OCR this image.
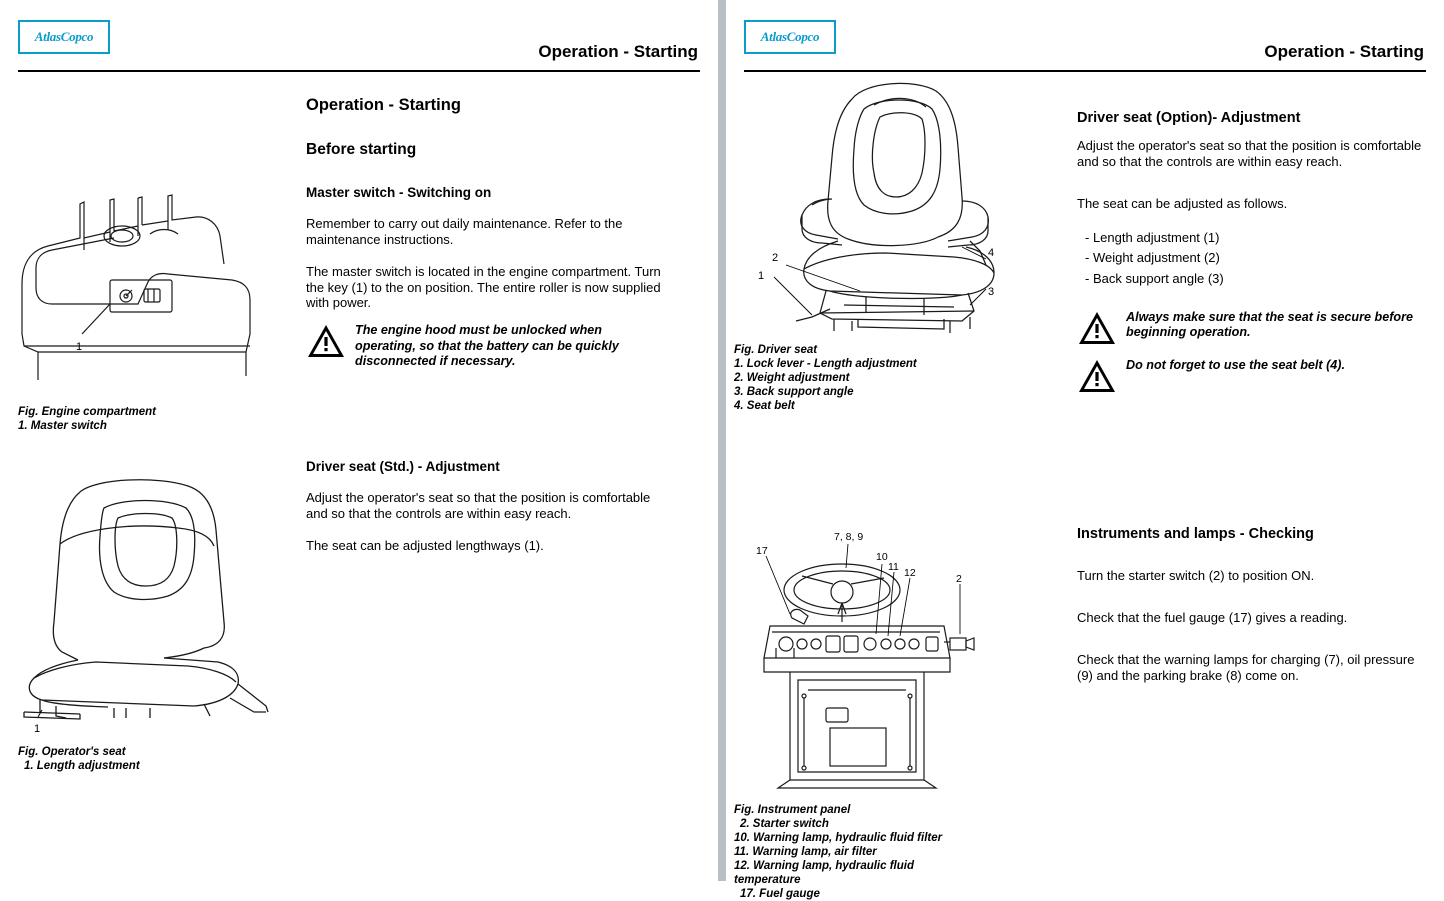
AtlasCopco
Operation - Starting
Operation - Starting
Before starting
Master switch - Switching on

Remember to carry out daily maintenance. Refer to the maintenance instructions.

The master switch is located in the engine compartment. Turn the key (1) to the on position. The entire roller is now supplied with power.

The engine hood must be unlocked when operating, so that the battery can be quickly disconnected if necessary.
Driver seat (Std.) - Adjustment

Adjust the operator's seat so that the position is comfortable and so that the controls are within easy reach.

The seat can be adjusted lengthways (1).

1

Fig. Engine compartment

1. Master switch
1

Fig. Operator's seat

1. Length adjustment
AtlasCopco
Operation - Starting
Driver seat (Option)- Adjustment

Adjust the operator's seat so that the position is comfortable and so that the controls are within easy reach.

The seat can be adjusted as follows.

- Length adjustment (1)
- Weight adjustment (2)
- Back support angle (3)
Always make sure that the seat is secure before beginning operation.
Do not forget to use the seat belt (4).
Instruments and lamps - Checking

Turn the starter switch (2) to position ON.

Check that the fuel gauge (17) gives a reading.

Check that the warning lamps for charging (7), oil pressure (9) and the parking brake (8) come on.

1
2
3
4

Fig. Driver seat

1. Lock lever - Length adjustment
2. Weight adjustment
3. Back support angle
4. Seat belt
7, 8, 9
17	10
11 12	2

Fig. Instrument panel

2. Starter switch
10. Warning lamp, hydraulic fluid filter
11. Warning lamp, air filter
12. Warning lamp, hydraulic fluid
temperature
17. Fuel gauge
